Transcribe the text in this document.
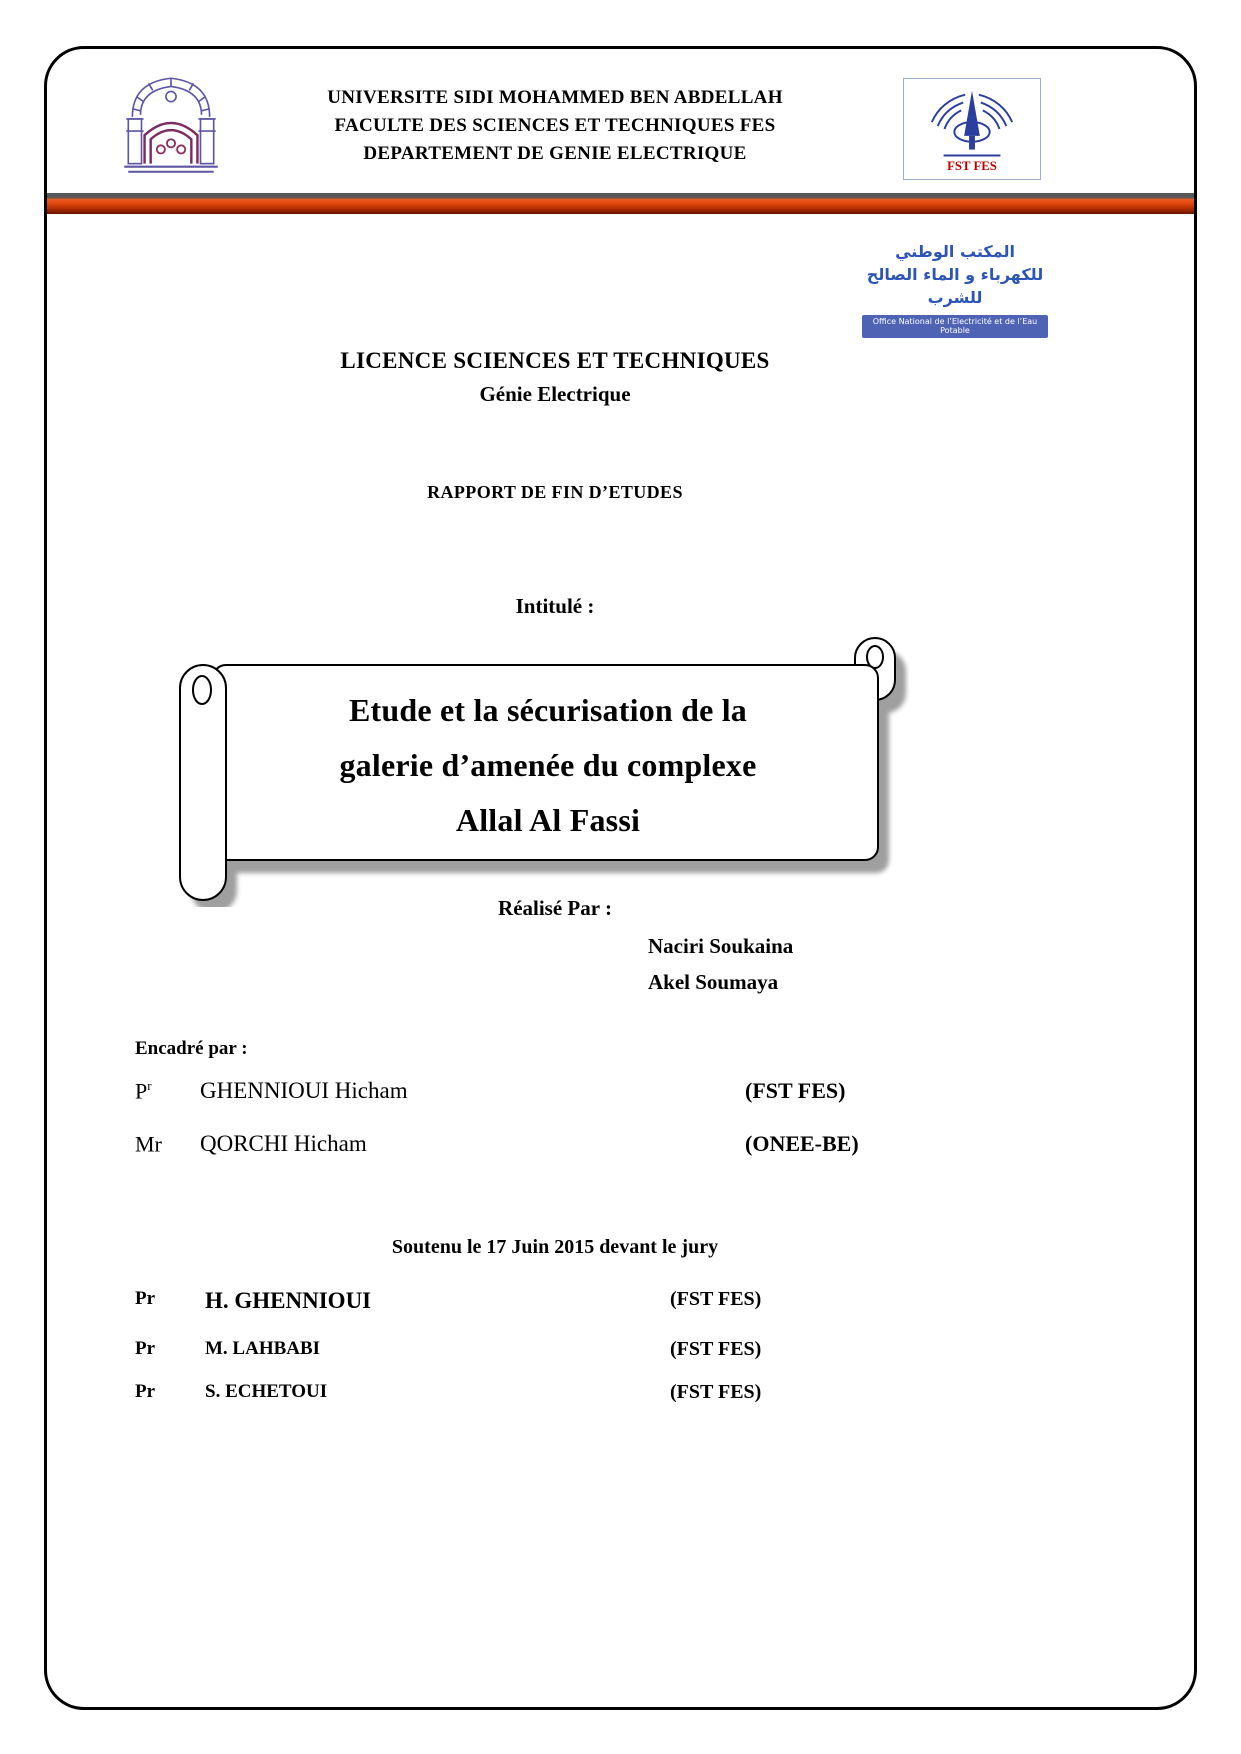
UNIVERSITE SIDI MOHAMMED BEN ABDELLAH
FACULTE DES SCIENCES ET TECHNIQUES FES
DEPARTEMENT DE GENIE ELECTRIQUE
FST FES
المكتب الوطني للكهرباء و الماء الصالح للشرب
Office National de l’Electricité et de l’Eau Potable
LICENCE SCIENCES ET TECHNIQUES
Génie Electrique
RAPPORT DE FIN D’ETUDES
Intitulé :
Etude et la sécurisation de la
galerie d’amenée du complexe
Allal Al Fassi
Réalisé Par :
Naciri Soukaina
Akel Soumaya
Encadré par :
$P^r$ GHENNIOUI Hicham	(FST FES)
Mr QORCHI Hicham	(ONEE-BE)
Soutenu le 17 Juin 2015 devant le jury
Pr H. GHENNIOUI	(FST FES)
Pr	M. LAHBABI	(FST FES)
Pr	S. ECHETOUI	(FST FES)
